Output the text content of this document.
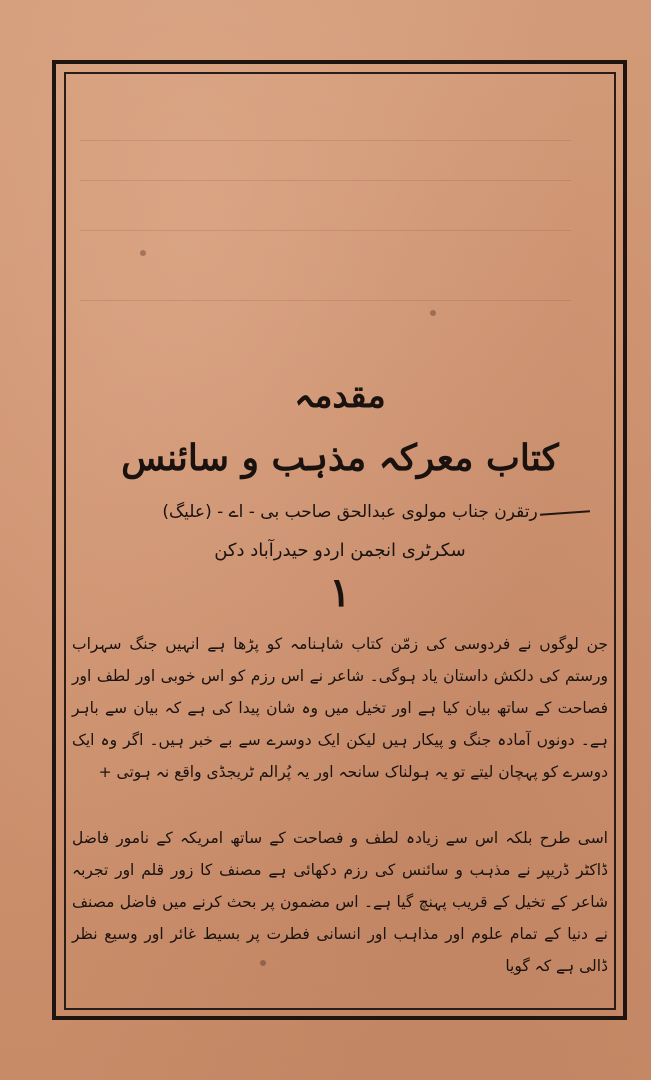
مقدمہ
کتاب معرکہ مذہب و سائنس
رتقرن جناب مولوی عبدالحق صاحب بی - اے - (علیگ)
سکرٹری انجمن اردو حیدرآباد دکن
۱
جن لوگوں نے فردوسی کی زمّن کتاب شاہنامہ کو پڑھا ہے انہیں جنگ سہراب ورستم کی دلکش داستان یاد ہوگی۔ شاعر نے اس رزم کو اس خوبی اور لطف اور فصاحت کے ساتھ بیان کیا ہے اور تخیل میں وہ شان پیدا کی ہے کہ بیان سے باہر ہے۔ دونوں آمادہ جنگ و پیکار ہیں لیکن ایک دوسرے سے بے خبر ہیں۔ اگر وہ ایک دوسرے کو پہچان لیتے تو یہ ہولناک سانحہ اور یہ پُرالم ٹریجڈی واقع نہ ہوتی +
اسی طرح بلکہ اس سے زیادہ لطف و فصاحت کے ساتھ امریکہ کے نامور فاضل ڈاکٹر ڈریپر نے مذہب و سائنس کی رزم دکھائی ہے مصنف کا زور قلم اور تجربہ شاعر کے تخیل کے قریب پہنچ گیا ہے۔ اس مضمون پر بحث کرنے میں فاضل مصنف نے دنیا کے تمام علوم اور مذاہب اور انسانی فطرت پر بسیط غائر اور وسیع نظر ڈالی ہے کہ گویا
